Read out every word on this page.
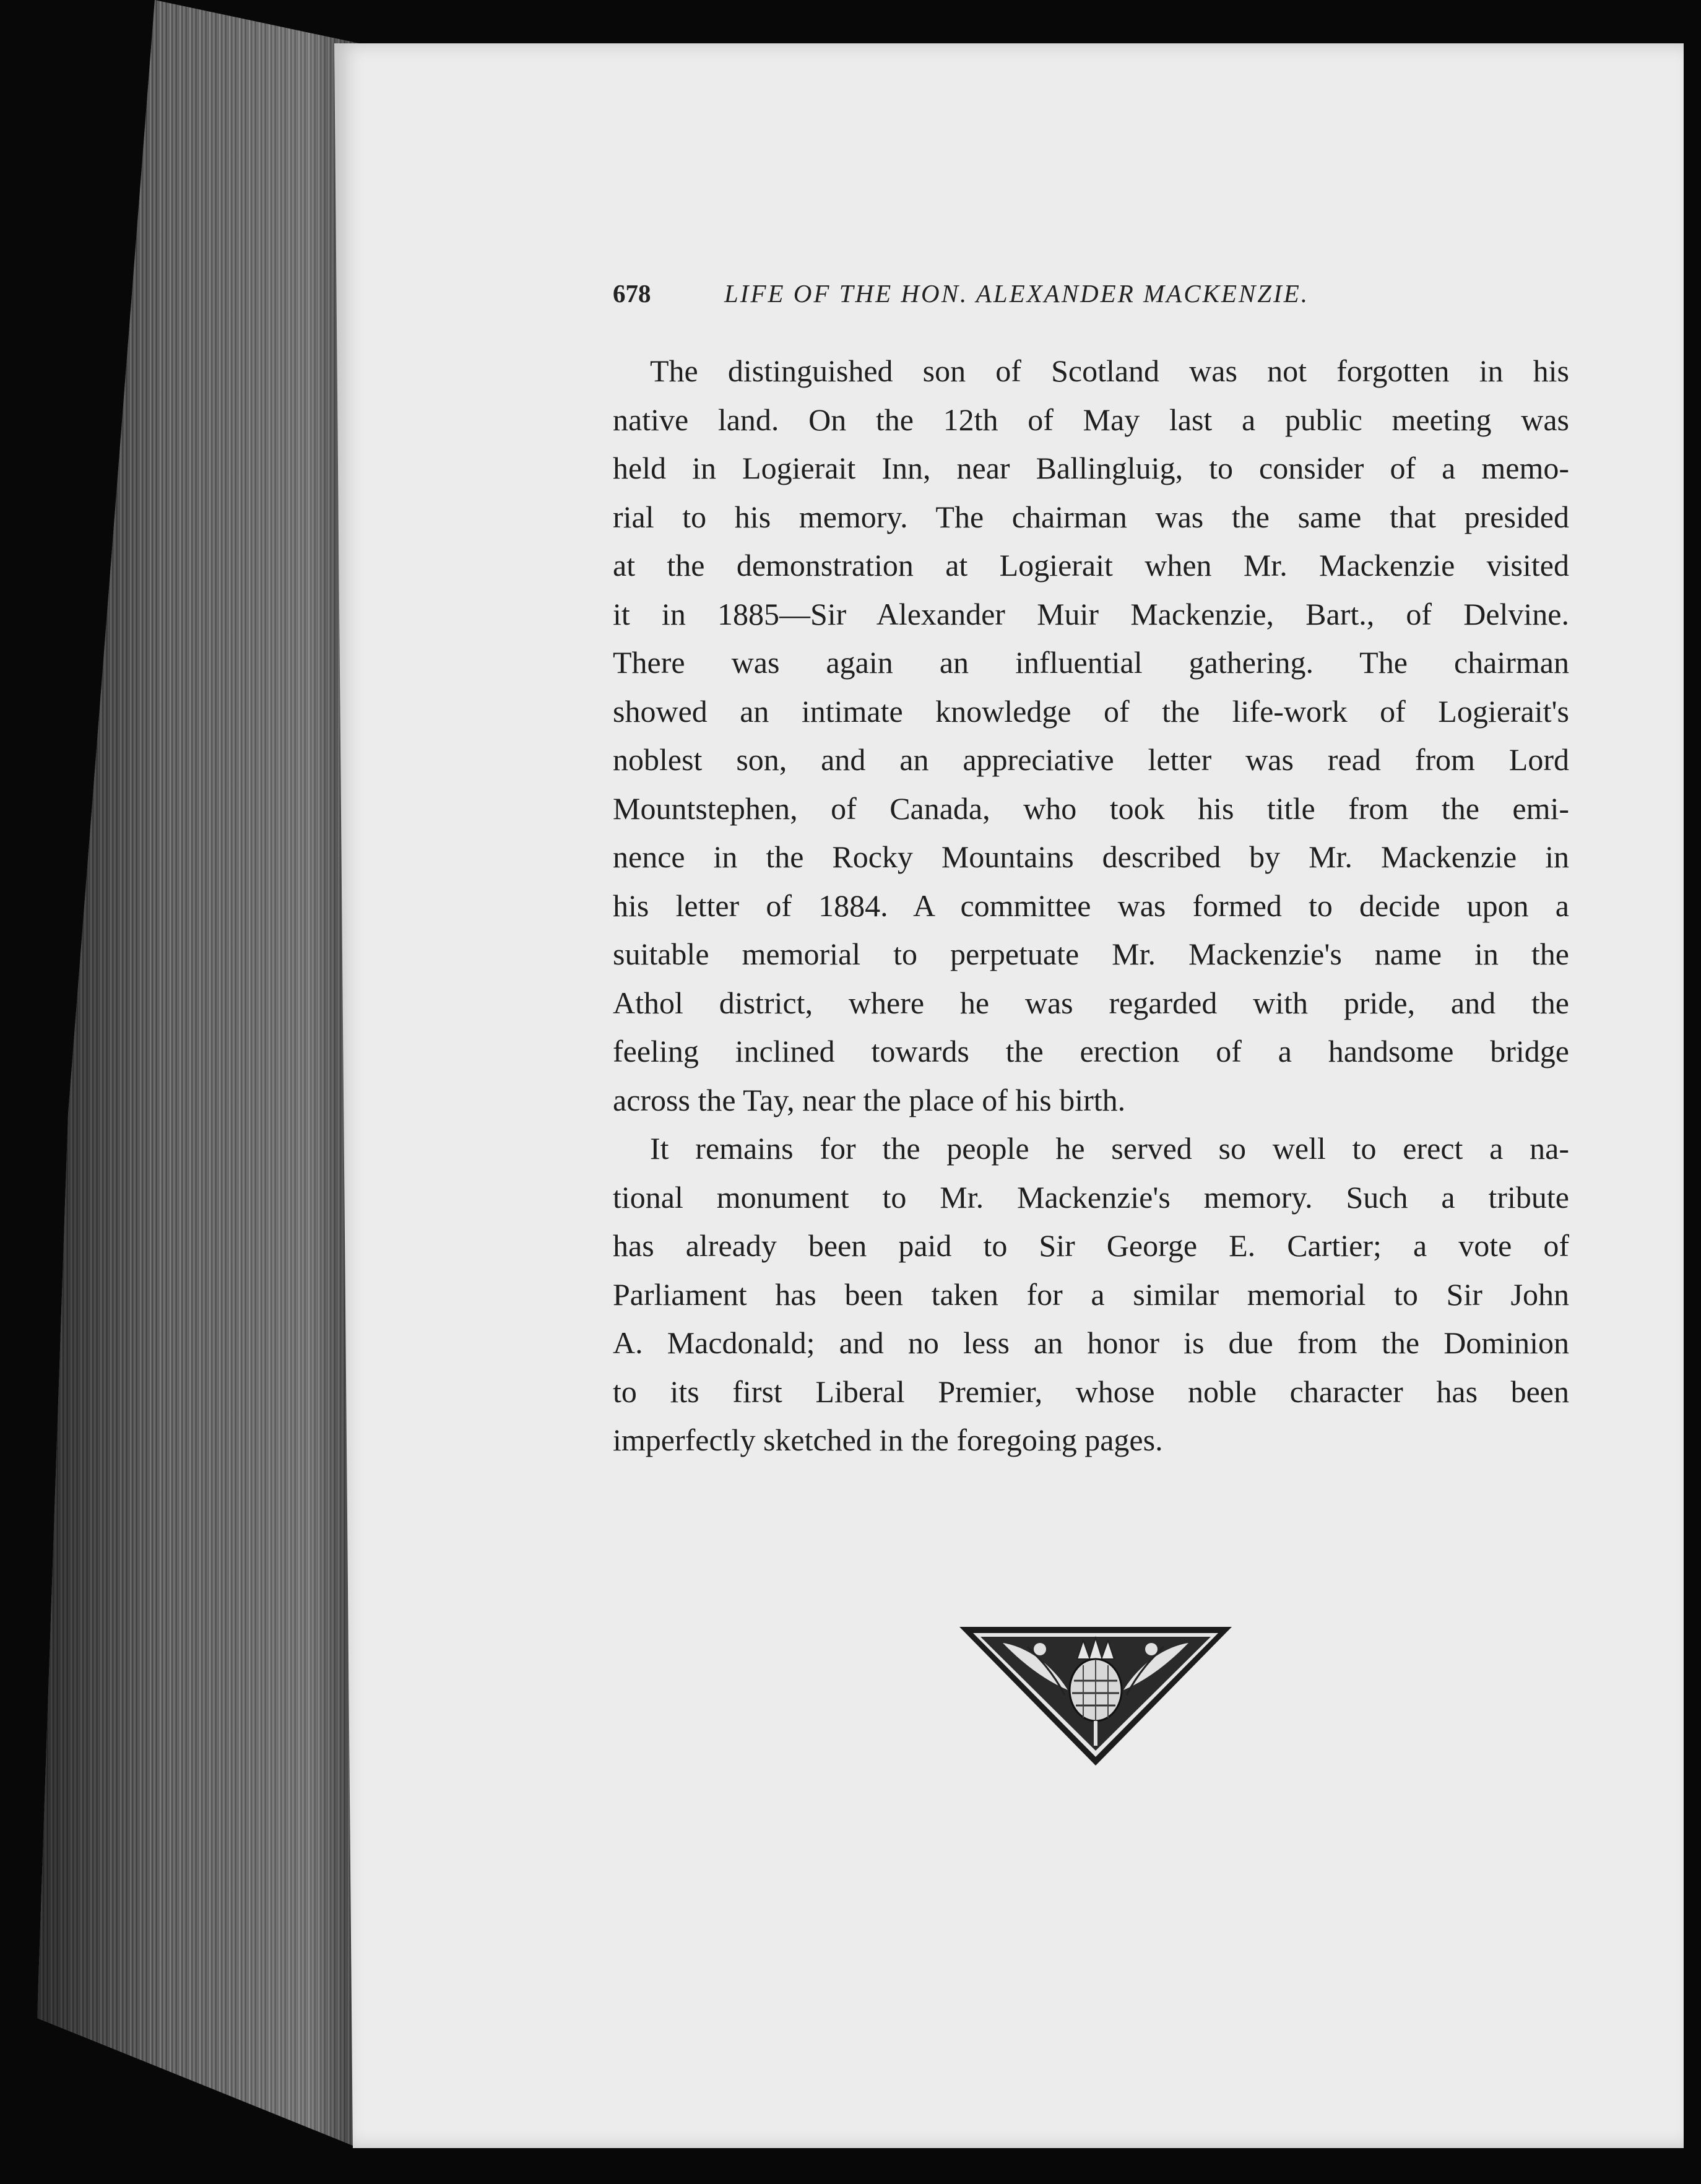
678	LIFE OF THE HON. ALEXANDER MACKENZIE.
The distinguished son of Scotland was not forgotten in his
native land. On the 12th of May last a public meeting was
held in Logierait Inn, near Ballingluig, to consider of a memo-
rial to his memory. The chairman was the same that presided
at the demonstration at Logierait when Mr. Mackenzie visited
it in 1885—Sir Alexander Muir Mackenzie, Bart., of Delvine.
There was again an influential gathering. The chairman
showed an intimate knowledge of the life-work of Logierait's
noblest son, and an appreciative letter was read from Lord
Mountstephen, of Canada, who took his title from the emi-
nence in the Rocky Mountains described by Mr. Mackenzie in
his letter of 1884. A committee was formed to decide upon a
suitable memorial to perpetuate Mr. Mackenzie's name in the
Athol district, where he was regarded with pride, and the
feeling inclined towards the erection of a handsome bridge
across the Tay, near the place of his birth.
It remains for the people he served so well to erect a na-
tional monument to Mr. Mackenzie's memory. Such a tribute
has already been paid to Sir George E. Cartier; a vote of
Parliament has been taken for a similar memorial to Sir John
A. Macdonald; and no less an honor is due from the Dominion
to its first Liberal Premier, whose noble character has been
imperfectly sketched in the foregoing pages.
